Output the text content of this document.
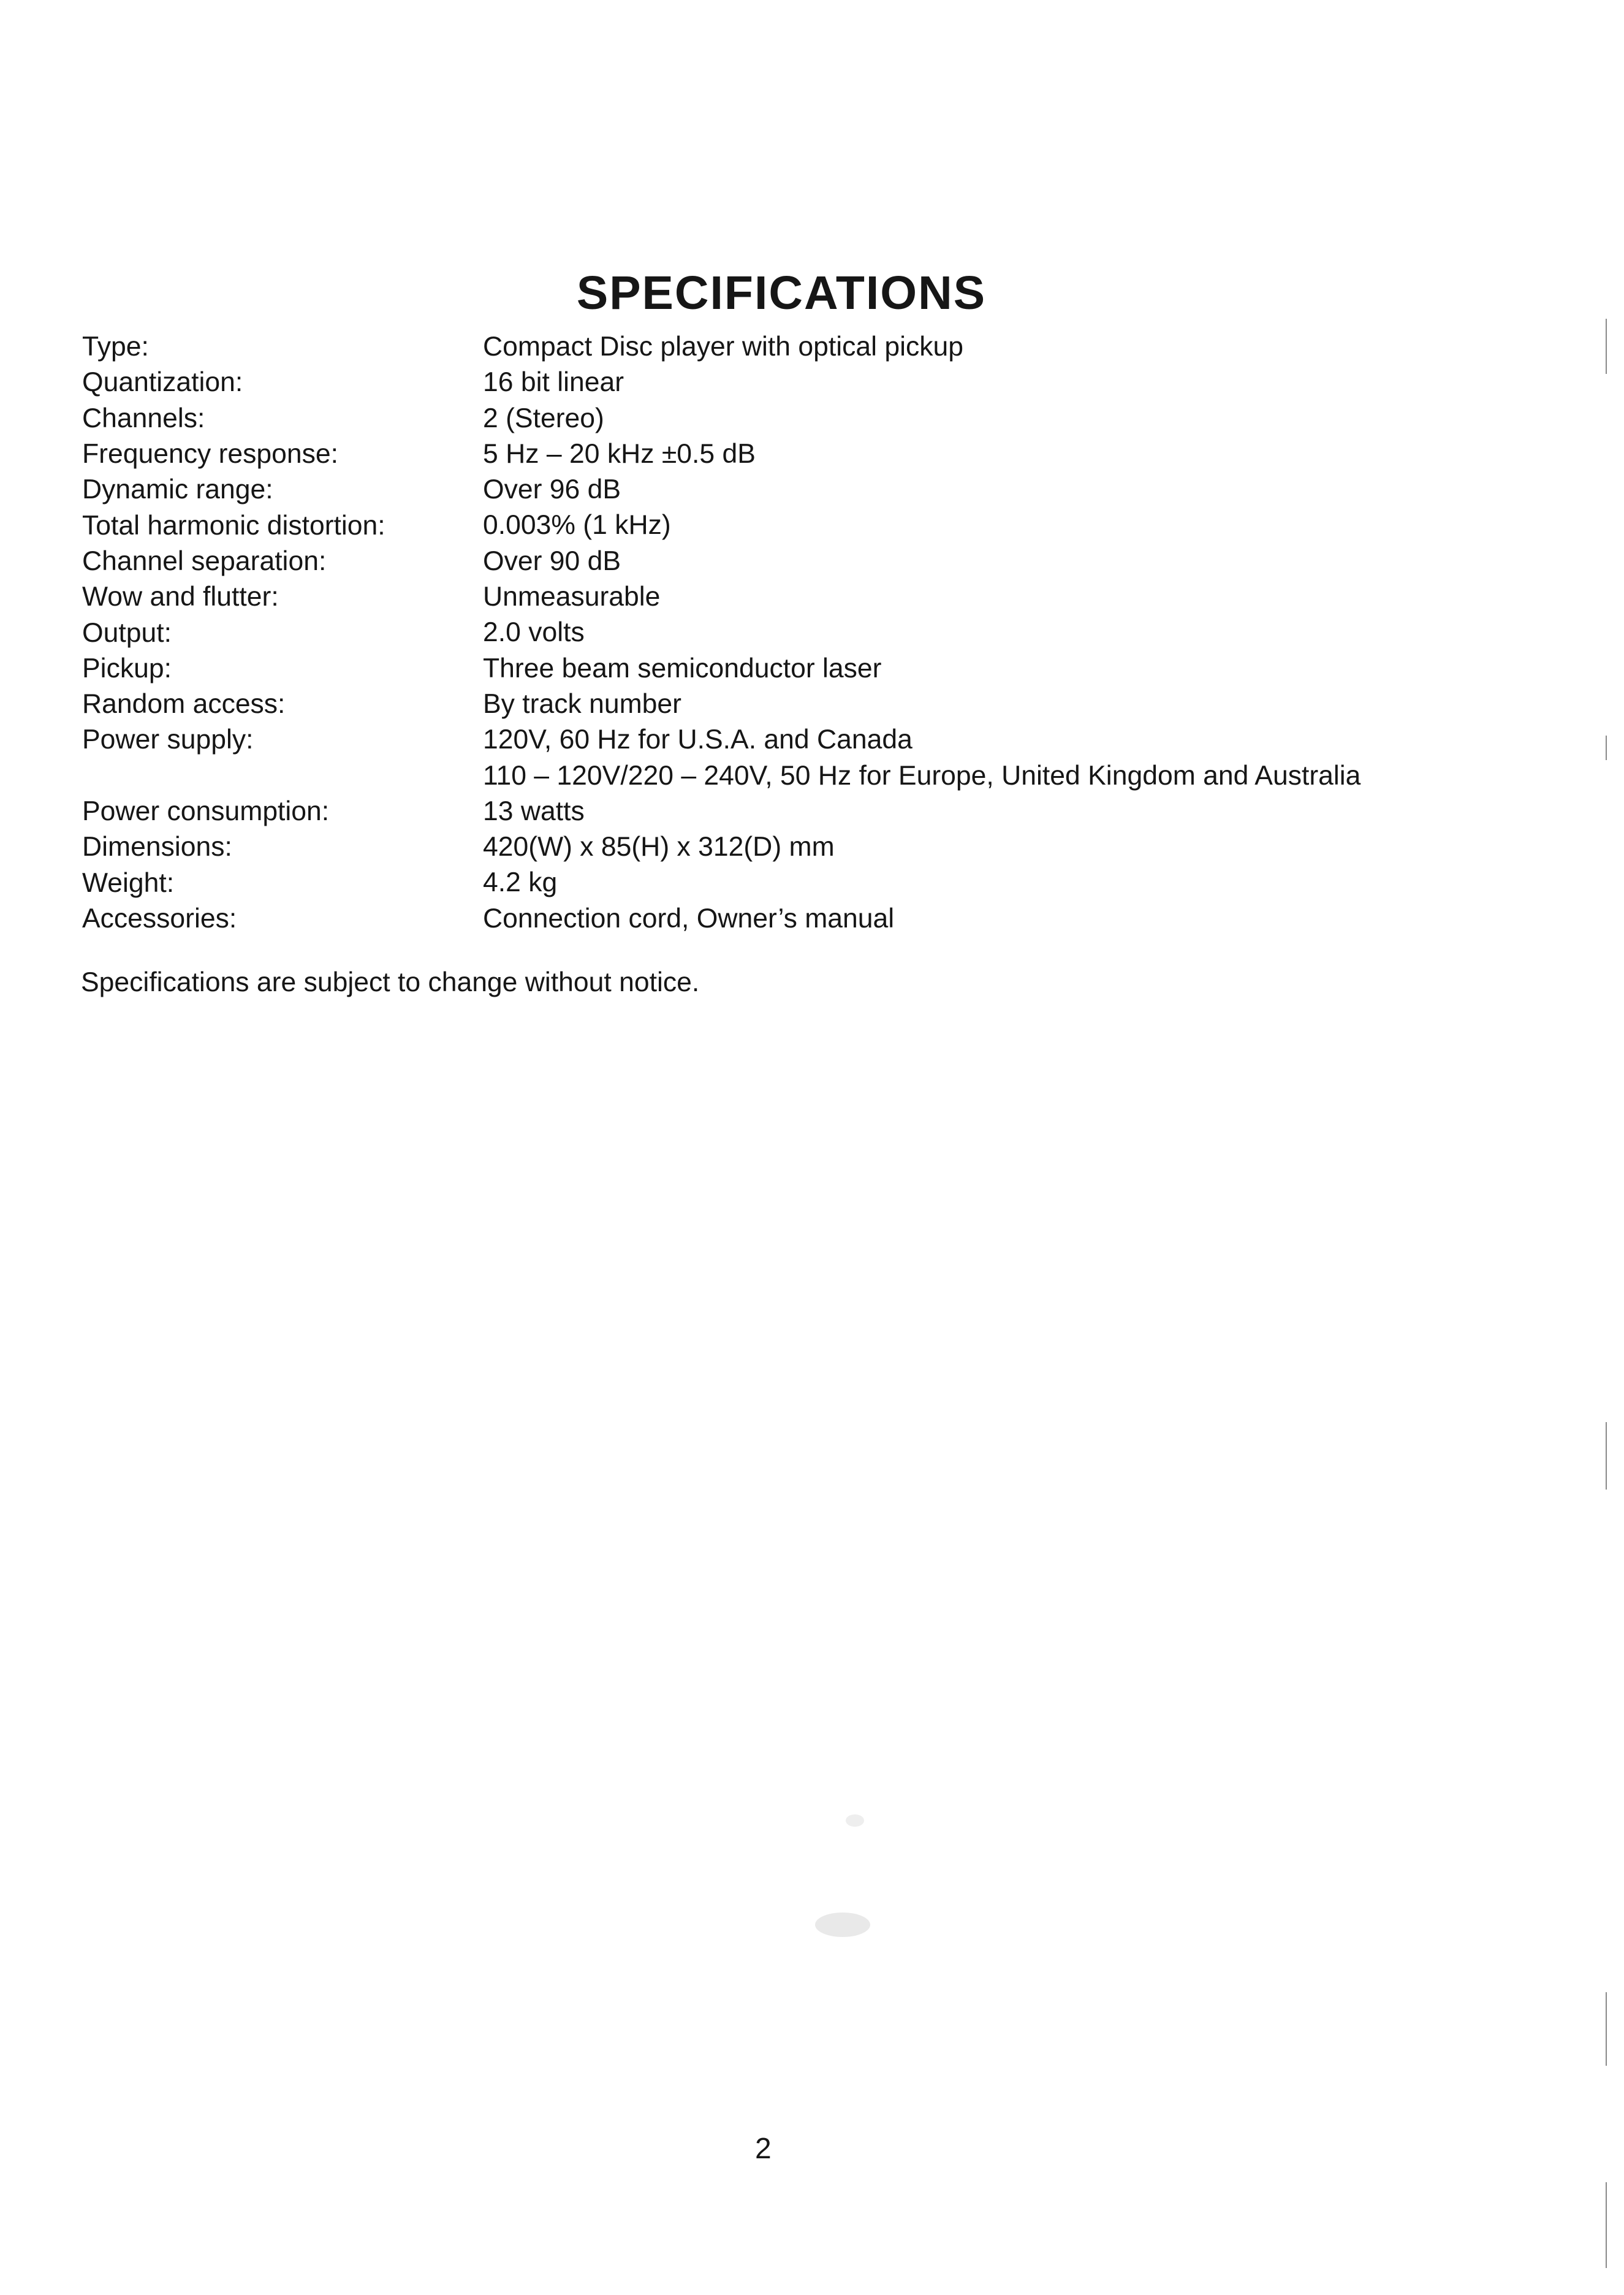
SPECIFICATIONS
Type:	Compact Disc player with optical pickup
Quantization:	16 bit linear
Channels:	2 (Stereo)
Frequency response:	5 Hz – 20 kHz ±0.5 dB
Dynamic range:	Over 96 dB
Total harmonic distortion:	0.003% (1 kHz)
Channel separation:	Over 90 dB
Wow and flutter:	Unmeasurable
Output:	2.0 volts
Pickup:	Three beam semiconductor laser
Random access:	By track number
Power supply:	120V, 60 Hz for U.S.A. and Canada
110 – 120V/220 – 240V, 50 Hz for Europe, United Kingdom and Australia
Power consumption:	13 watts
Dimensions:	420(W) x 85(H) x 312(D) mm
Weight:	4.2 kg
Accessories:	Connection cord, Owner’s manual
Specifications are subject to change without notice.
2
